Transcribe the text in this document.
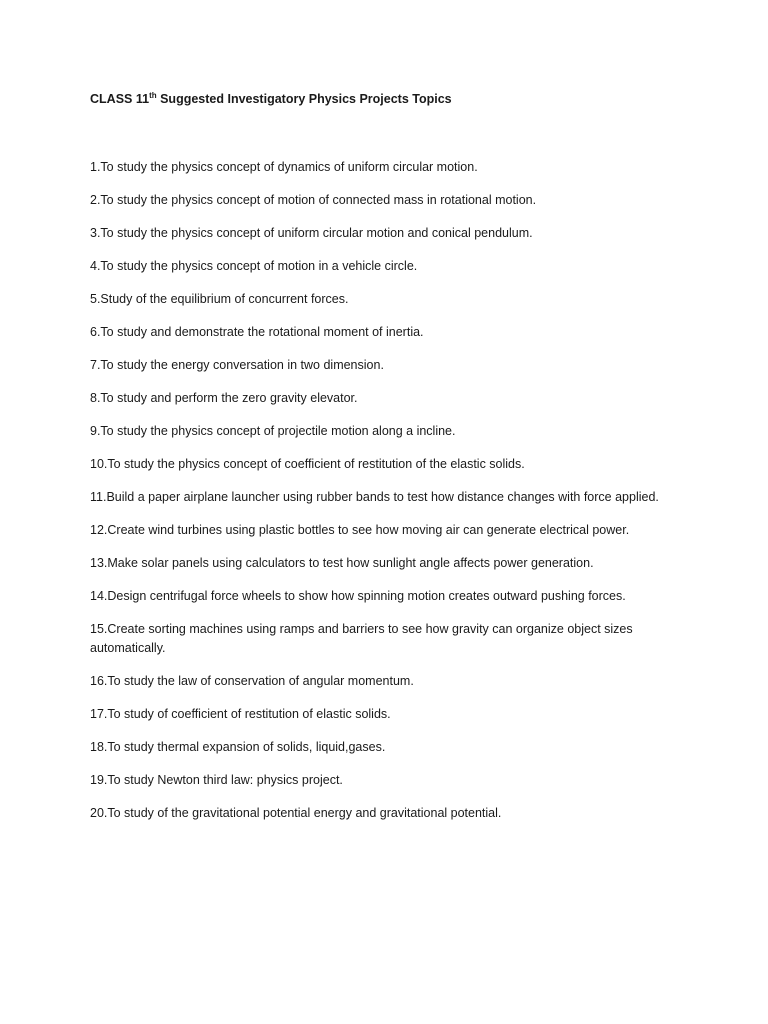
CLASS 11th Suggested Investigatory Physics Projects Topics
1.To study the physics concept of dynamics of uniform circular motion.
2.To study the physics concept of motion of connected mass in rotational motion.
3.To study the physics concept of uniform circular motion and conical pendulum.
4.To study the physics concept of motion in a vehicle circle.
5.Study of the equilibrium of concurrent forces.
6.To study and demonstrate the rotational moment of inertia.
7.To study the energy conversation in two dimension.
8.To study and perform the zero gravity elevator.
9.To study the physics concept of projectile motion along a incline.
10.To study the physics concept of coefficient of restitution of the elastic solids.
11.Build a paper airplane launcher using rubber bands to test how distance changes with force applied.
12.Create wind turbines using plastic bottles to see how moving air can generate electrical power.
13.Make solar panels using calculators to test how sunlight angle affects power generation.
14.Design centrifugal force wheels to show how spinning motion creates outward pushing forces.
15.Create sorting machines using ramps and barriers to see how gravity can organize object sizes automatically.
16.To study the law of conservation of angular momentum.
17.To study of coefficient of restitution of elastic solids.
18.To study thermal expansion of solids, liquid,gases.
19.To study Newton third law: physics project.
20.To study of the gravitational potential energy and gravitational potential.
